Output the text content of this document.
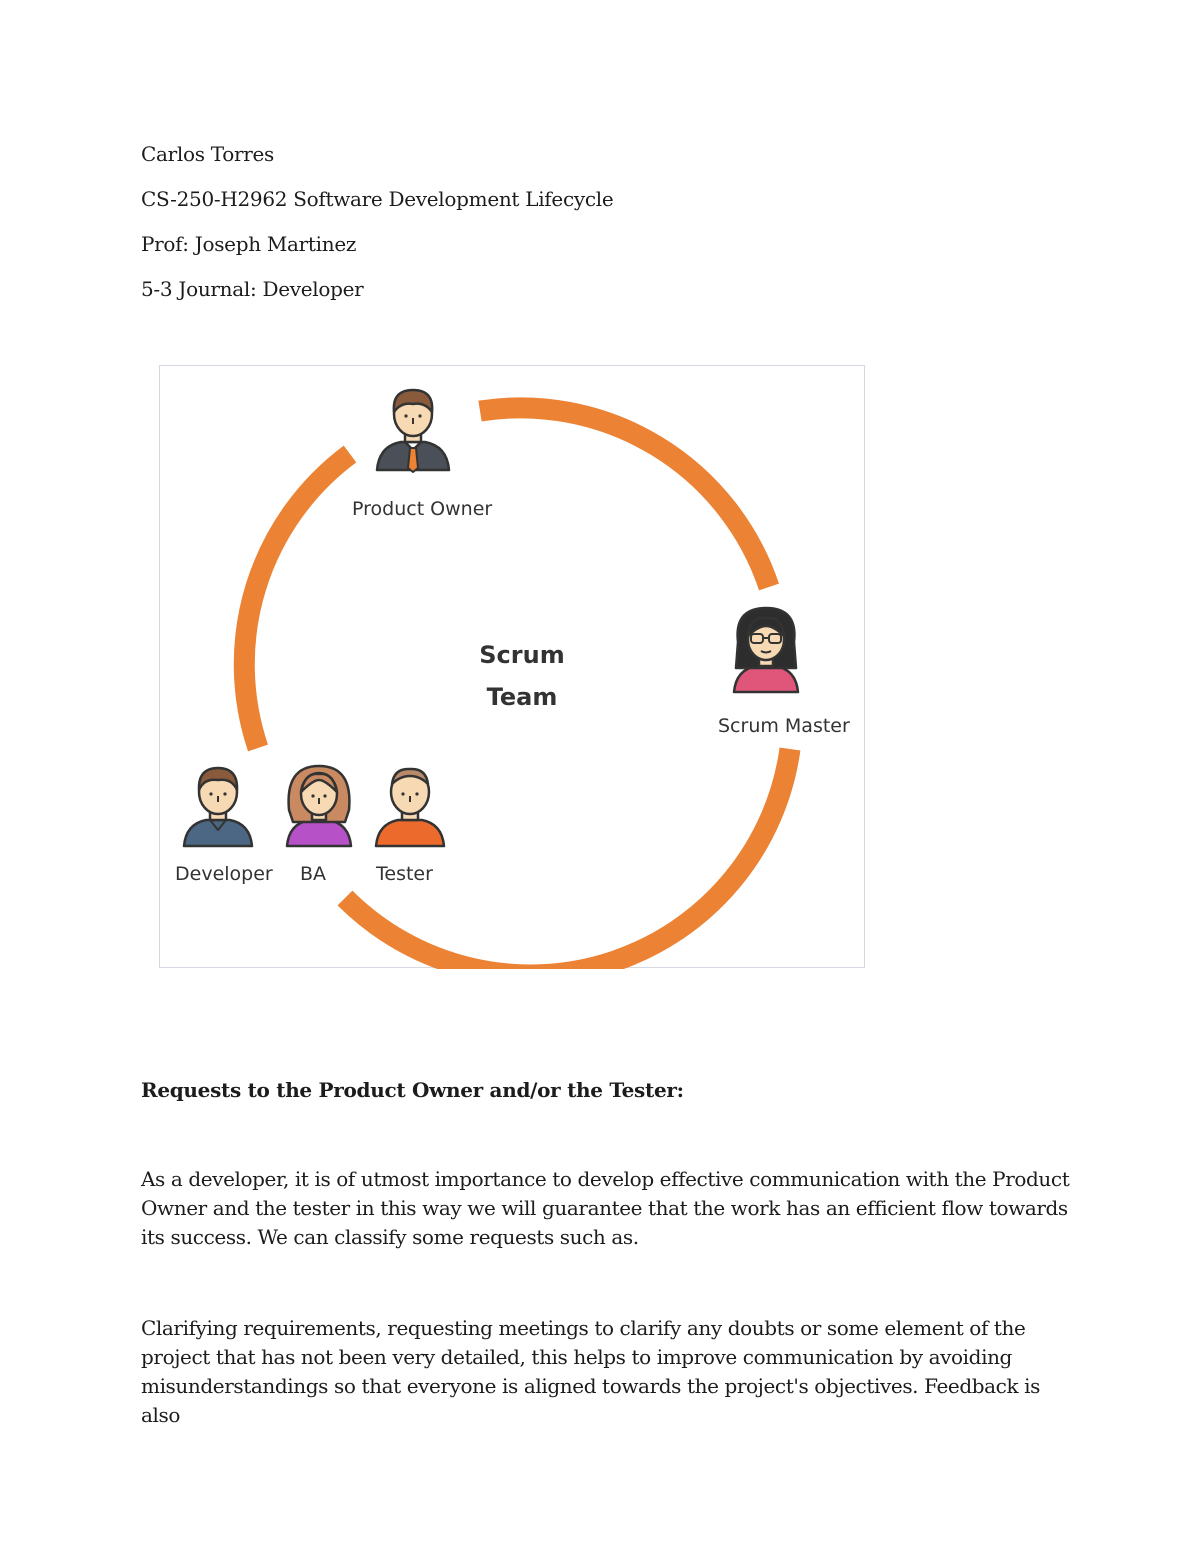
Carlos Torres
CS-250-H2962 Software Development Lifecycle
Prof: Joseph Martinez
5-3 Journal: Developer
Product Owner
Scrum Master
Developer BA	Tester
Scrum
Team
Requests to the Product Owner and/or the Tester:
As a developer, it is of utmost importance to develop effective communication with the Product Owner and the tester in this way we will guarantee that the work has an efficient flow towards its success. We can classify some requests such as.
Clarifying requirements, requesting meetings to clarify any doubts or some element of the project that has not been very detailed, this helps to improve communication by avoiding misunderstandings so that everyone is aligned towards the project's objectives. Feedback is also
